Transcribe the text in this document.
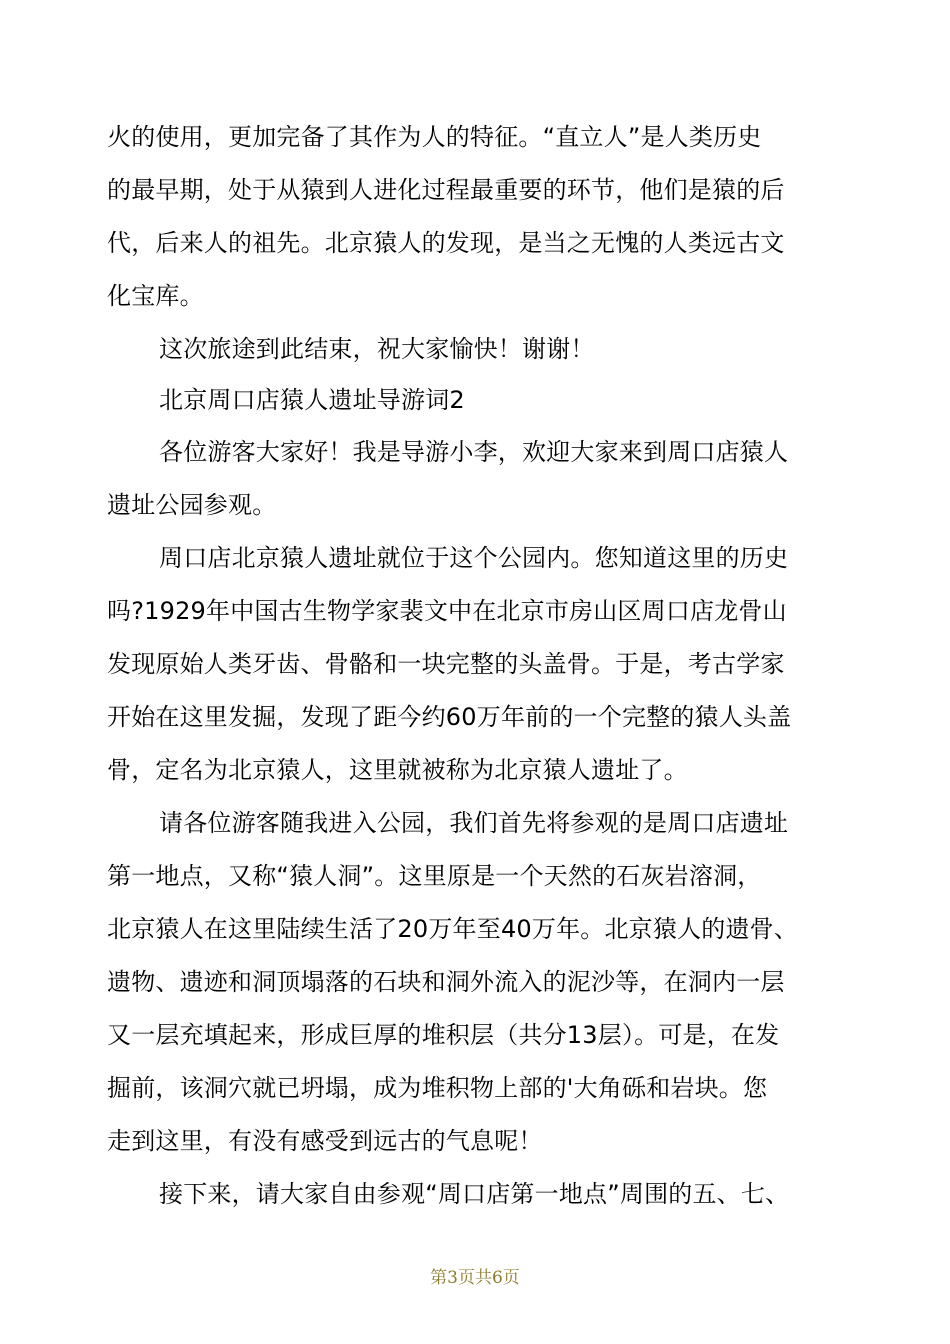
火的使用，更加完备了其作为人的特征。“直立人”是人类历史
的最早期，处于从猿到人进化过程最重要的环节，他们是猿的后
代，后来人的祖先。北京猿人的发现，是当之无愧的人类远古文
化宝库。
这次旅途到此结束，祝大家愉快！谢谢！
北京周口店猿人遗址导游词2
各位游客大家好！我是导游小李，欢迎大家来到周口店猿人
遗址公园参观。
周口店北京猿人遗址就位于这个公园内。您知道这里的历史
吗?1929年中国古生物学家裴文中在北京市房山区周口店龙骨山
发现原始人类牙齿、骨骼和一块完整的头盖骨。于是，考古学家
开始在这里发掘，发现了距今约60万年前的一个完整的猿人头盖
骨，定名为北京猿人，这里就被称为北京猿人遗址了。
请各位游客随我进入公园，我们首先将参观的是周口店遗址
第一地点，又称“猿人洞”。这里原是一个天然的石灰岩溶洞，
北京猿人在这里陆续生活了20万年至40万年。北京猿人的遗骨、
遗物、遗迹和洞顶塌落的石块和洞外流入的泥沙等，在洞内一层
又一层充填起来，形成巨厚的堆积层（共分13层）。可是，在发
掘前，该洞穴就已坍塌，成为堆积物上部的'大角砾和岩块。您
走到这里，有没有感受到远古的气息呢！
接下来，请大家自由参观“周口店第一地点”周围的五、七、
第3页共6页
